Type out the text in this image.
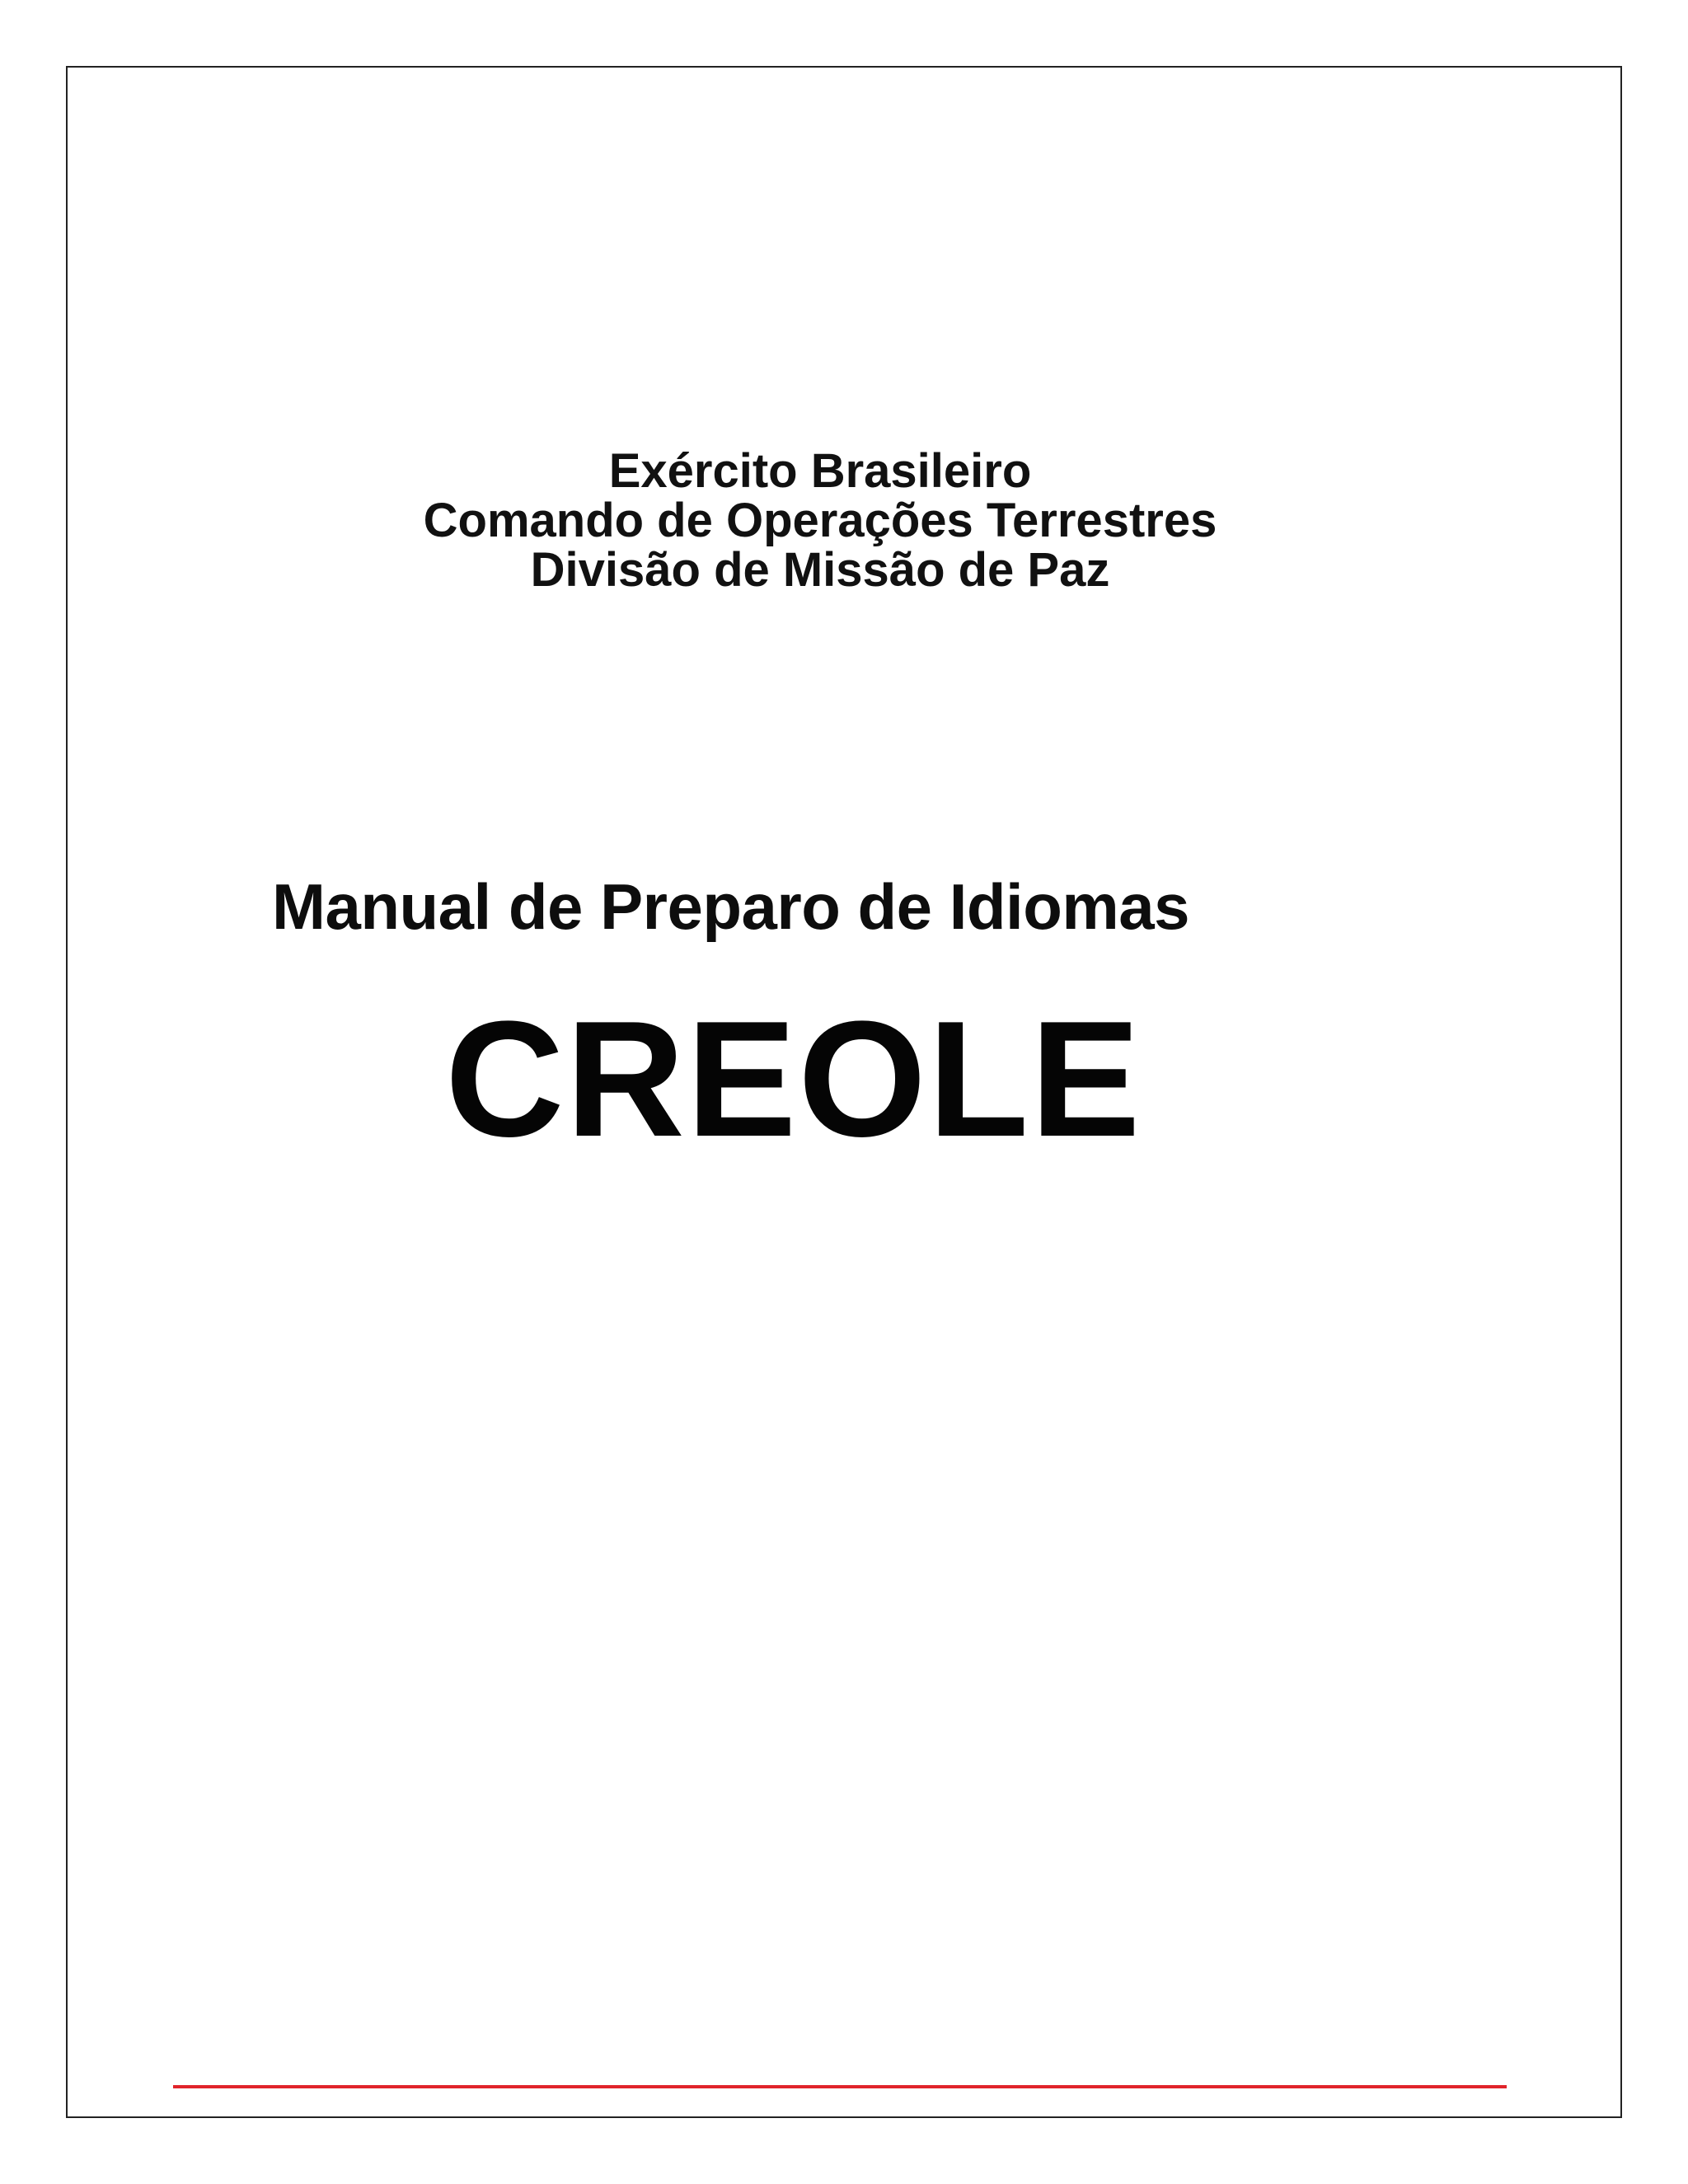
Exército Brasileiro
Comando de Operações Terrestres
Divisão de Missão de Paz
Manual de Preparo de Idiomas
CREOLE
